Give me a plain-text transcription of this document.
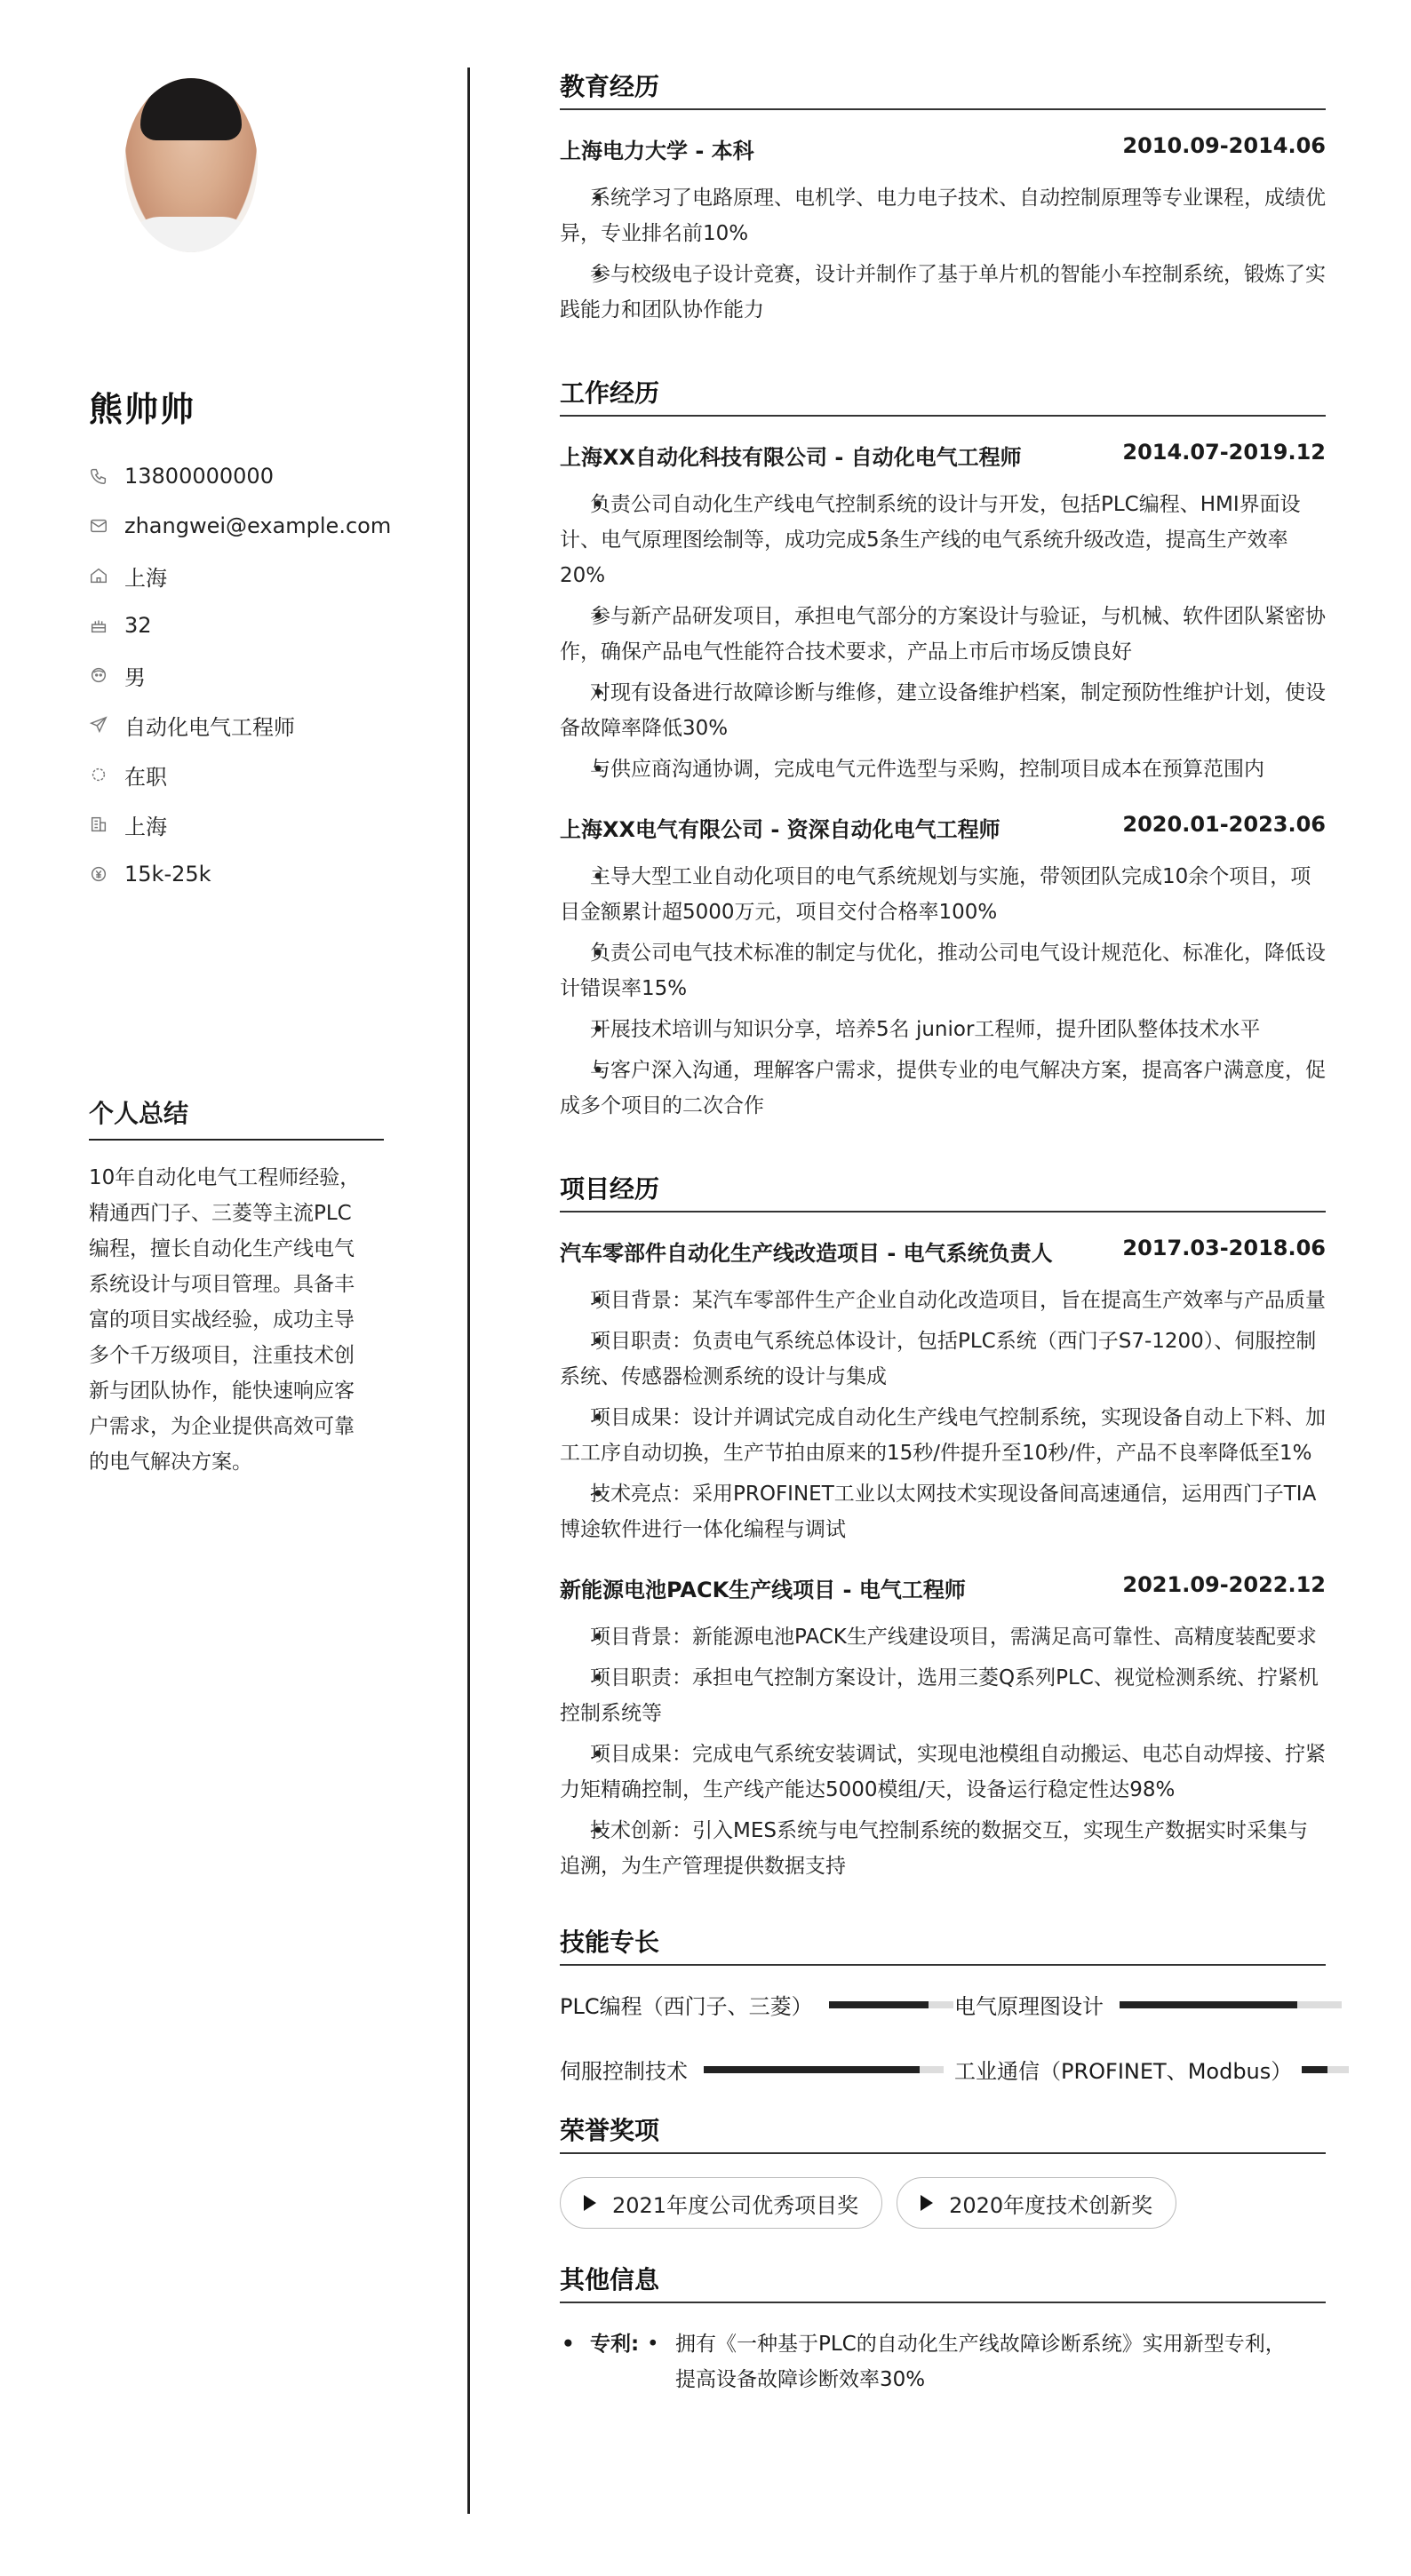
熊帅帅
13800000000
zhangwei@example.com
上海
32
男
自动化电气工程师
在职
上海
15k-25k
个人总结
10年自动化电气工程师经验，
精通西门子、三菱等主流PLC
编程，擅长自动化生产线电气
系统设计与项目管理。具备丰
富的项目实战经验，成功主导
多个千万级项目，注重技术创
新与团队协作，能快速响应客
户需求，为企业提供高效可靠
的电气解决方案。
教育经历
上海电力大学 - 本科	2010.09-2014.06
• 系统学习了电路原理、电机学、电力电子技术、自动控制原理等专业课程，成绩优异，专业排名前10%
• 参与校级电子设计竞赛，设计并制作了基于单片机的智能小车控制系统，锻炼了实践能力和团队协作能力
工作经历
上海XX自动化科技有限公司 - 自动化电气工程师	2014.07-2019.12
• 负责公司自动化生产线电气控制系统的设计与开发，包括PLC编程、HMI界面设计、电气原理图绘制等，成功完成5条生产线的电气系统升级改造，提高生产效率20%
• 参与新产品研发项目，承担电气部分的方案设计与验证，与机械、软件团队紧密协作，确保产品电气性能符合技术要求，产品上市后市场反馈良好
• 对现有设备进行故障诊断与维修，建立设备维护档案，制定预防性维护计划，使设备故障率降低30%
• 与供应商沟通协调，完成电气元件选型与采购，控制项目成本在预算范围内
上海XX电气有限公司 - 资深自动化电气工程师	2020.01-2023.06
• 主导大型工业自动化项目的电气系统规划与实施，带领团队完成10余个项目，项目金额累计超5000万元，项目交付合格率100%
• 负责公司电气技术标准的制定与优化，推动公司电气设计规范化、标准化，降低设计错误率15%
• 开展技术培训与知识分享，培养5名 junior工程师，提升团队整体技术水平
• 与客户深入沟通，理解客户需求，提供专业的电气解决方案，提高客户满意度，促成多个项目的二次合作
项目经历
汽车零部件自动化生产线改造项目 - 电气系统负责人	2017.03-2018.06
• 项目背景：某汽车零部件生产企业自动化改造项目，旨在提高生产效率与产品质量
• 项目职责：负责电气系统总体设计，包括PLC系统（西门子S7-1200）、伺服控制系统、传感器检测系统的设计与集成
• 项目成果：设计并调试完成自动化生产线电气控制系统，实现设备自动上下料、加工工序自动切换，生产节拍由原来的15秒/件提升至10秒/件，产品不良率降低至1%
• 技术亮点：采用PROFINET工业以太网技术实现设备间高速通信，运用西门子TIA博途软件进行一体化编程与调试
新能源电池PACK生产线项目 - 电气工程师	2021.09-2022.12
• 项目背景：新能源电池PACK生产线建设项目，需满足高可靠性、高精度装配要求
• 项目职责：承担电气控制方案设计，选用三菱Q系列PLC、视觉检测系统、拧紧机控制系统等
• 项目成果：完成电气系统安装调试，实现电池模组自动搬运、电芯自动焊接、拧紧力矩精确控制，生产线产能达5000模组/天，设备运行稳定性达98%
• 技术创新：引入MES系统与电气控制系统的数据交互，实现生产数据实时采集与追溯，为生产管理提供数据支持
技能专长
PLC编程（西门子、三菱）	电气原理图设计
伺服控制技术	工业通信（PROFINET、Modbus）
荣誉奖项
2021年度公司优秀项目奖	2020年度技术创新奖
其他信息
• 专利:
• 拥有《一种基于PLC的自动化生产线故障诊断系统》实用新型专利，
提高设备故障诊断效率30%
